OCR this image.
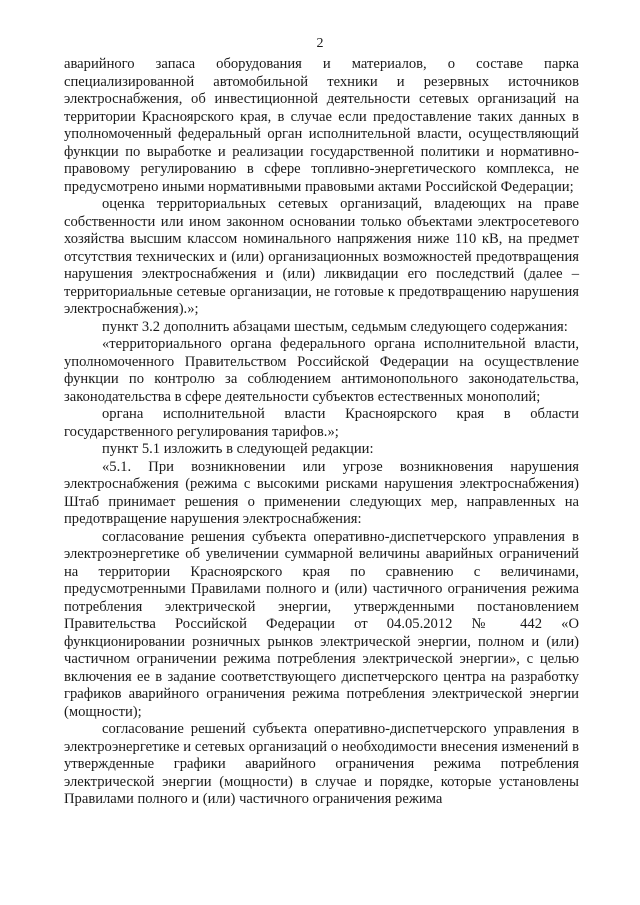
2

аварийного запаса оборудования и материалов, о составе парка специализированной автомобильной техники и резервных источников электроснабжения, об инвестиционной деятельности сетевых организаций на территории Красноярского края, в случае если предоставление таких данных в уполномоченный федеральный орган исполнительной власти, осуществляющий функции по выработке и реализации государственной политики и нормативно-правовому регулированию в сфере топливно-энергетического комплекса, не предусмотрено иными нормативными правовыми актами Российской Федерации;

оценка территориальных сетевых организаций, владеющих на праве собственности или ином законном основании только объектами электросетевого хозяйства высшим классом номинального напряжения ниже 110 кВ, на предмет отсутствия технических и (или) организационных возможностей предотвращения нарушения электроснабжения и (или) ликвидации его последствий (далее – территориальные сетевые организации, не готовые к предотвращению нарушения электроснабжения).»;

пункт 3.2 дополнить абзацами шестым, седьмым следующего содержания:

«территориального органа федерального органа исполнительной власти, уполномоченного Правительством Российской Федерации на осуществление функции по контролю за соблюдением антимонопольного законодательства, законодательства в сфере деятельности субъектов естественных монополий;

органа исполнительной власти Красноярского края в области государственного регулирования тарифов.»;

пункт 5.1 изложить в следующей редакции:

«5.1. При возникновении или угрозе возникновения нарушения электроснабжения (режима с высокими рисками нарушения электроснабжения) Штаб принимает решения о применении следующих мер, направленных на предотвращение нарушения электроснабжения:

согласование решения субъекта оперативно-диспетчерского управления в электроэнергетике об увеличении суммарной величины аварийных ограничений на территории Красноярского края по сравнению с величинами, предусмотренными Правилами полного и (или) частичного ограничения режима потребления электрической энергии, утвержденными постановлением Правительства Российской Федерации от 04.05.2012 № 442 «О функционировании розничных рынков электрической энергии, полном и (или) частичном ограничении режима потребления электрической энергии», с целью включения ее в задание соответствующего диспетчерского центра на разработку графиков аварийного ограничения режима потребления электрической энергии (мощности);

согласование решений субъекта оперативно-диспетчерского управления в электроэнергетике и сетевых организаций о необходимости внесения изменений в утвержденные графики аварийного ограничения режима потребления электрической энергии (мощности) в случае и порядке, которые установлены Правилами полного и (или) частичного ограничения режима
